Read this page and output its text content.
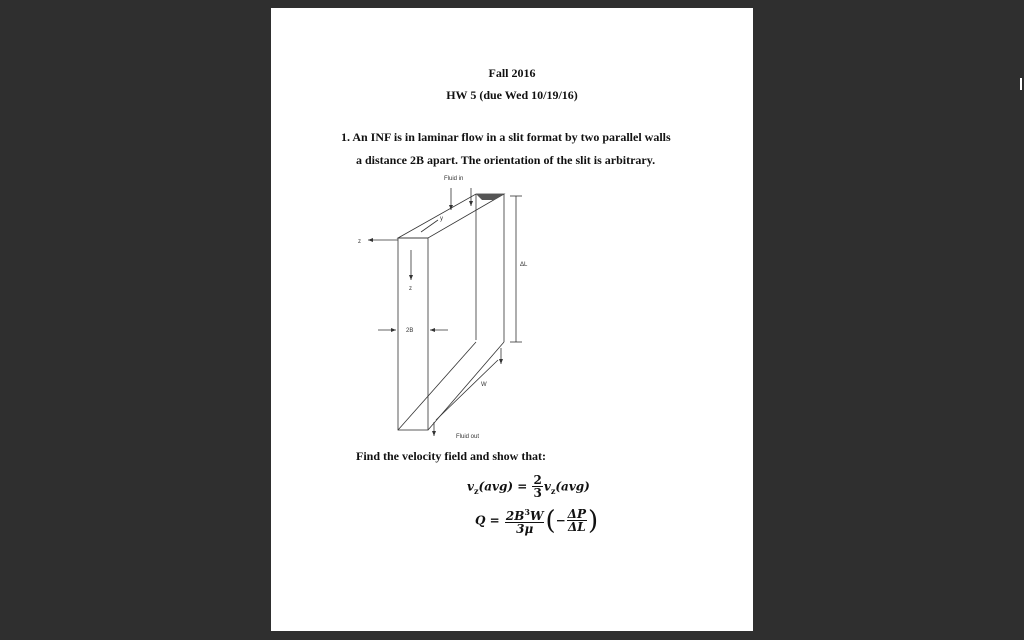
Fall 2016
HW 5 (due Wed 10/19/16)
1. An INF is in laminar flow in a slit format by two parallel walls
a distance 2B apart. The orientation of the slit is arbitrary.
Fluid in
z
y
z
ΔL
2B
W
Fluid out
Find the velocity field and show that:
$v_z(avg) = \frac{2}{3} v_z(avg)$
$Q = \frac{2B^3W}{3\mu}$ (− $\frac{\Delta P}{\Delta L}$ )
